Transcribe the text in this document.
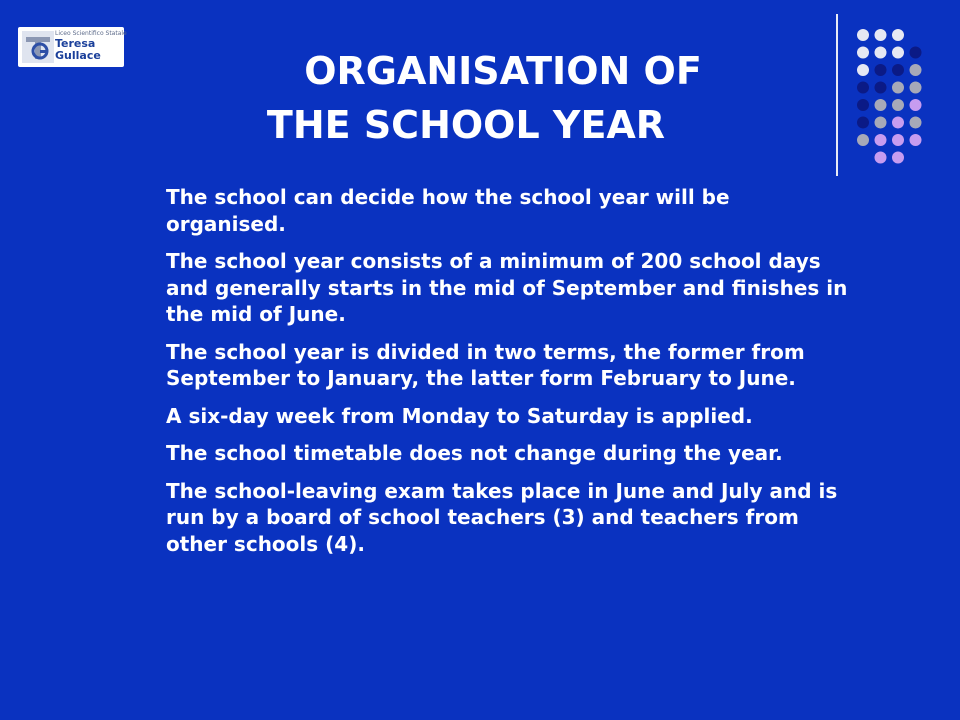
Liceo Scientifico Statale
Teresa
Gullace	ORGANISATION OF
THE SCHOOL YEAR

The school can decide how the school year will be organised.

The school year consists of a minimum of 200 school days and generally starts in the mid of September and finishes in the mid of June.

The school year is divided in two terms, the former from September to January, the latter form February to June.

A six-day week from Monday to Saturday is applied.

The school timetable does not change during the year.

The school-leaving exam takes place in June and July and is run by a board of school teachers (3) and teachers from other schools (4).
